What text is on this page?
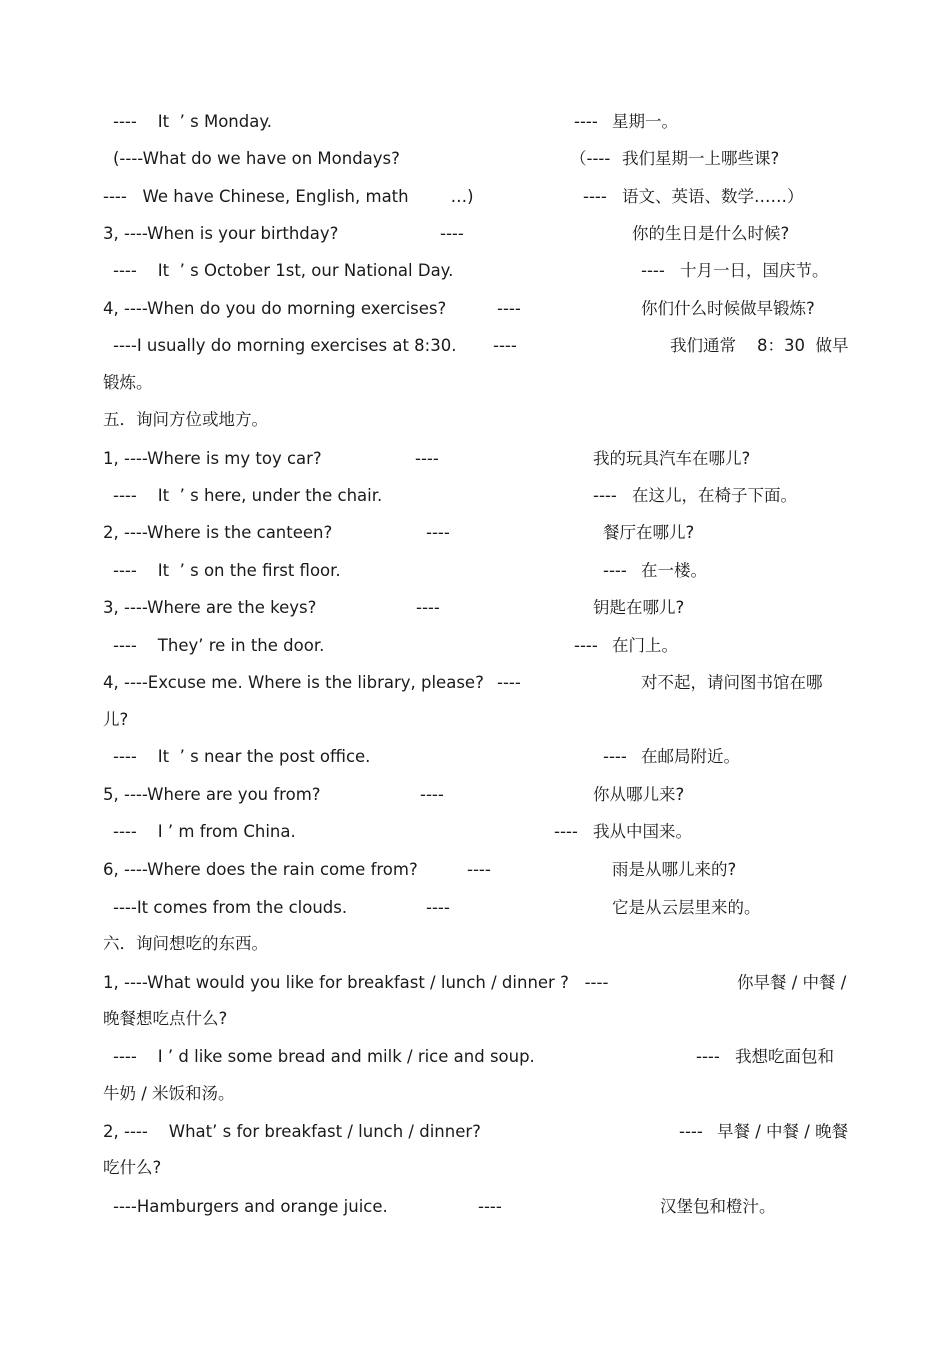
----    It  ’ s Monday.	---- 星期一。
(----What do we have on Mondays?	（---- 我们星期一上哪些课?
----   We have Chinese, English, math        …)	---- 语文、英语、数学……）
3, ----When is your birthday?	----	你的生日是什么时候?
----    It  ’ s October 1st, our National Day.	---- 十月一日，国庆节。
4, ----When do you do morning exercises?	----	你们什么时候做早锻炼?
----I usually do morning exercises at 8:30. ----	我们通常    8：30  做早
锻炼。
五．询问方位或地方。
1, ----Where is my toy car?	----	我的玩具汽车在哪儿?
----    It  ’ s here, under the chair.	---- 在这儿，在椅子下面。
2, ----Where is the canteen?	----	餐厅在哪儿?
----    It  ’ s on the first floor.	---- 在一楼。
3, ----Where are the keys?	----	钥匙在哪儿?
----    They’ re in the door.	---- 在门上。
4, ----Excuse me. Where is the library, please? ----	对不起，请问图书馆在哪
儿?
----    It  ’ s near the post office.	---- 在邮局附近。
5, ----Where are you from?	----	你从哪儿来?
----    I ’ m from China.	---- 我从中国来。
6, ----Where does the rain come from?	----	雨是从哪儿来的?
----It comes from the clouds.	----	它是从云层里来的。
六．询问想吃的东西。
1, ----What would you like for breakfast / lunch / dinner ?   ----	你早餐 / 中餐 /
晚餐想吃点什么?
----    I ’ d like some bread and milk / rice and soup.	---- 我想吃面包和
牛奶 / 米饭和汤。
2, ----    What’ s for breakfast / lunch / dinner?	---- 早餐 / 中餐 / 晚餐
吃什么?
----Hamburgers and orange juice.	----	汉堡包和橙汁。
